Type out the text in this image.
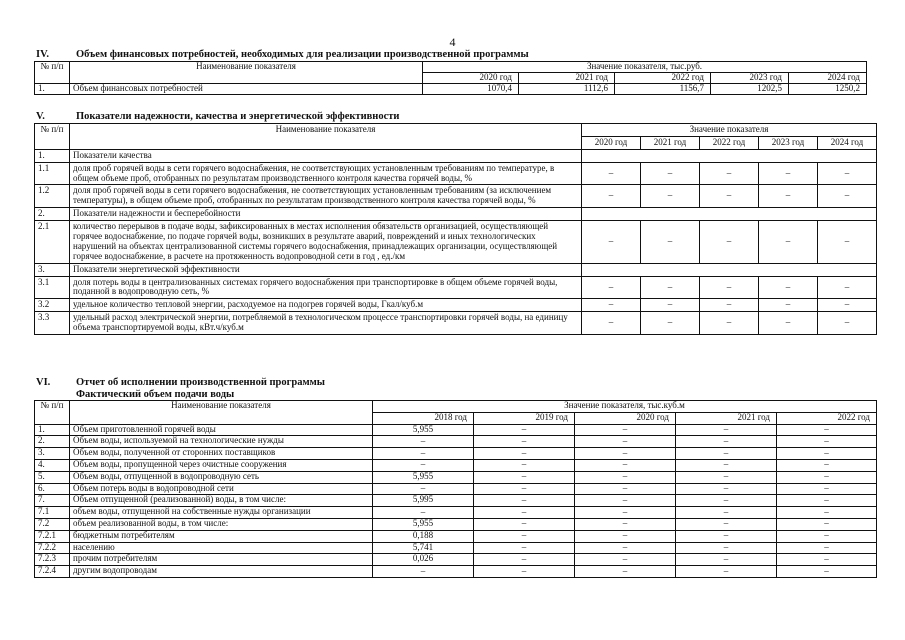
4
IV.	Объем финансовых потребностей, необходимых для реализации производственной программы
№ п/п	Наименование показателя	Значение показателя, тыс.руб.				
		2020 год	2021 год	2022 год	2023 год	2024 год
1.	Объем финансовых потребностей	1070,4	1112,6	1156,7	1202,5	1250,2
V.	Показатели надежности, качества и энергетической эффективности
№ п/п	Наименование показателя	Значение показателя				
		2020 год	2021 год	2022 год	2023 год	2024 год
1.	Показатели качества					
1.1	доля проб горячей воды в сети горячего водоснабжения, не соответствующих установленным требованиям по температуре, в общем объеме проб, отобранных по результатам производственного контроля качества горячей воды, %	–	–	–	–	–
1.2	доля проб горячей воды в сети горячего водоснабжения, не соответствующих установленным требованиям (за исключением температуры), в общем объеме проб, отобранных по результатам производственного контроля качества горячей воды, %	–	–	–	–	–
2.	Показатели надежности и бесперебойности					
2.1	количество перерывов в подаче воды, зафиксированных в местах исполнения обязательств организацией, осуществляющей горячее водоснабжение, по подаче горячей воды, возникших в результате аварий, повреждений и иных технологических нарушений на объектах централизованной системы горячего водоснабжения, принадлежащих организации, осуществляющей горячее водоснабжение, в расчете на протяженность водопроводной сети в год , ед./км	–	–	–	–	–
3.	Показатели энергетической эффективности					
3.1	доля потерь воды в централизованных системах горячего водоснабжения при транспортировке в общем объеме горячей воды, поданной в водопроводную сеть, %	–	–	–	–	–
3.2	удельное количество тепловой энергии, расходуемое на подогрев горячей воды, Гкал/куб.м	–	–	–	–	–
3.3	удельный расход электрической энергии, потребляемой в технологическом процессе транспортировки горячей воды, на единицу объема транспортируемой воды, кВт.ч/куб.м	–	–	–	–	–
VI. Отчет об исполнении производственной программы
Фактический объем подачи воды
№ п/п	Наименование показателя	Значение показателя, тыс.куб.м				
		2018 год	2019 год	2020 год	2021 год	2022 год
1.	Объем приготовленной горячей воды	5,955	–	–	–	–
2.	Объем воды, используемой на технологические нужды	–	–	–	–	–
3.	Объем воды, полученной от сторонних поставщиков	–	–	–	–	–
4.	Объем воды, пропущенной через очистные сооружения	–	–	–	–	–
5.	Объем воды, отпущенной в водопроводную сеть	5,955	–	–	–	–
6.	Объем потерь воды в водопроводной сети	–	–	–	–	–
7.	Объем отпущенной (реализованной) воды, в том числе:	5,995	–	–	–	–
7.1	объем воды, отпущенной на собственные нужды организации	–	–	–	–	–
7.2	объем реализованной воды, в том числе:	5,955	–	–	–	–
7.2.1	бюджетным потребителям	0,188	–	–	–	–
7.2.2	населению	5,741	–	–	–	–
7.2.3	прочим потребителям	0,026	–	–	–	–
7.2.4	другим водопроводам	–	–	–	–	–
